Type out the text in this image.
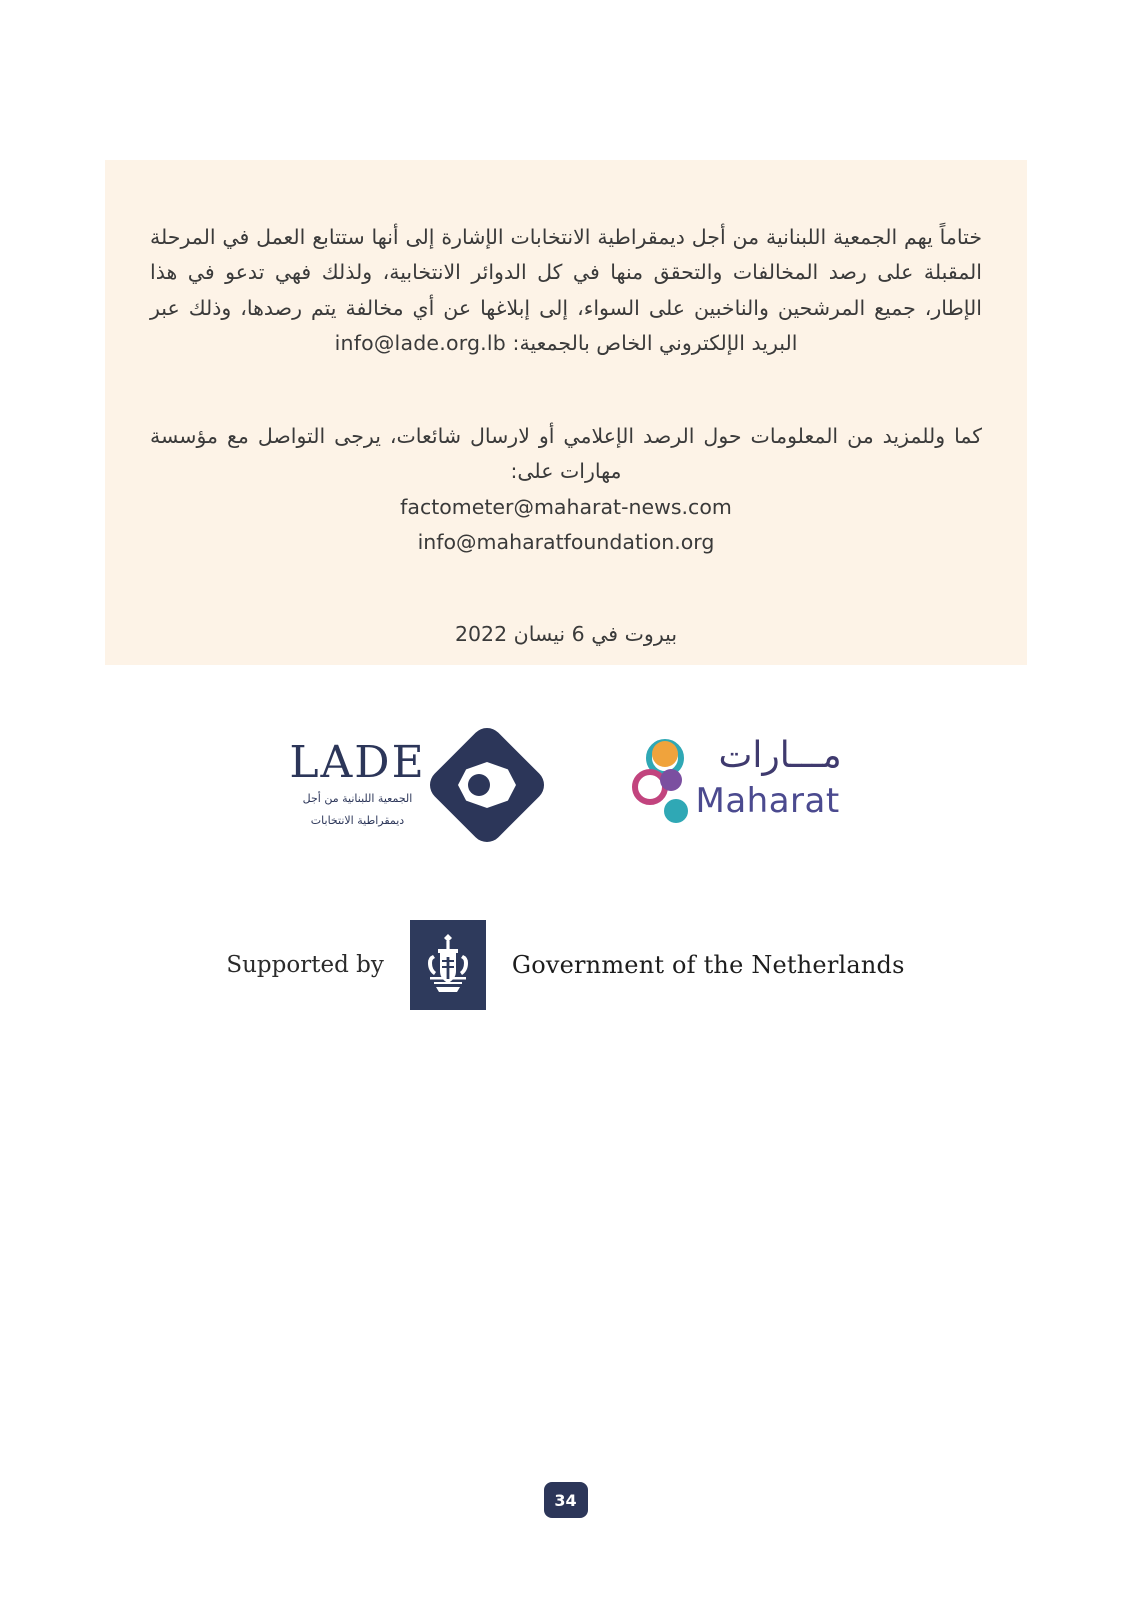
ختاماً يهم الجمعية اللبنانية من أجل ديمقراطية الانتخابات الإشارة إلى أنها ستتابع العمل في المرحلة المقبلة على رصد المخالفات والتحقق منها في كل الدوائر الانتخابية، ولذلك فهي تدعو في هذا الإطار، جميع المرشحين والناخبين على السواء، إلى إبلاغها عن أي مخالفة يتم رصدها، وذلك عبر البريد الإلكتروني الخاص بالجمعية: info@lade.org.lb

كما وللمزيد من المعلومات حول الرصد الإعلامي أو لارسال شائعات، يرجى التواصل مع مؤسسة مهارات على:

factometer@maharat-news.com

info@maharatfoundation.org

بيروت في 6 نيسان 2022
مـــارات
Maharat
LADE
الجمعية اللبنانية من أجل
ديمقراطية الانتخابات
Supported by	Government of the Netherlands
34
